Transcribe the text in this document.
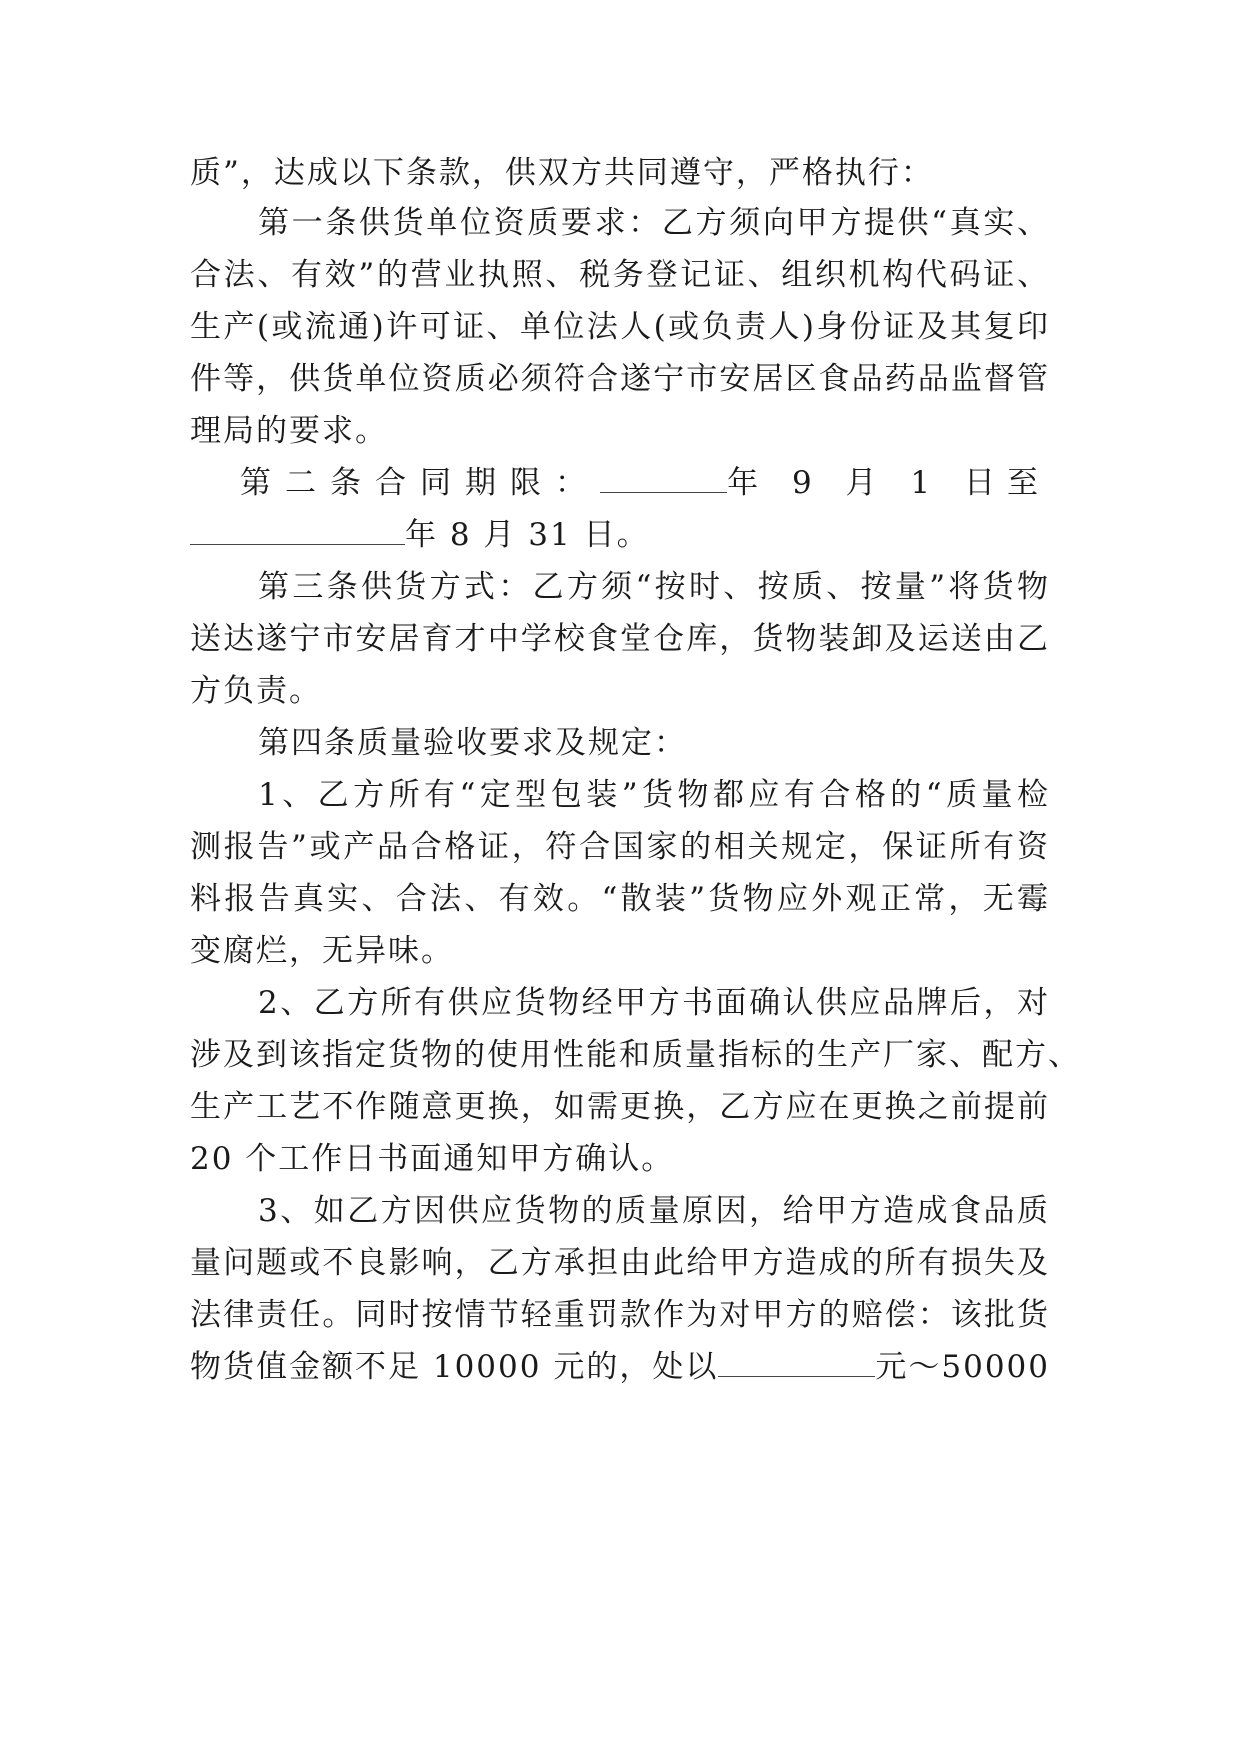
质”，达成以下条款，供双方共同遵守，严格执行：
第一条供货单位资质要求：乙方须向甲方提供“真实、
合法、有效”的营业执照、税务登记证、组织机构代码证、
生产(或流通)许可证、单位法人(或负责人)身份证及其复印
件等，供货单位资质必须符合遂宁市安居区食品药品监督管
理局的要求。
第二条合同期限：	年 9 月 1 日至
年 8 月 31 日。
第三条供货方式：乙方须“按时、按质、按量”将货物
送达遂宁市安居育才中学校食堂仓库，货物装卸及运送由乙
方负责。
第四条质量验收要求及规定：
1、乙方所有“定型包装”货物都应有合格的“质量检
测报告”或产品合格证，符合国家的相关规定，保证所有资
料报告真实、合法、有效。“散装”货物应外观正常，无霉
变腐烂，无异味。
2、乙方所有供应货物经甲方书面确认供应品牌后，对
涉及到该指定货物的使用性能和质量指标的生产厂家、配方、
生产工艺不作随意更换，如需更换，乙方应在更换之前提前
20 个工作日书面通知甲方确认。
3、如乙方因供应货物的质量原因，给甲方造成食品质
量问题或不良影响，乙方承担由此给甲方造成的所有损失及
法律责任。同时按情节轻重罚款作为对甲方的赔偿：该批货
物货值金额不足 10000 元的，处以	元～50000
